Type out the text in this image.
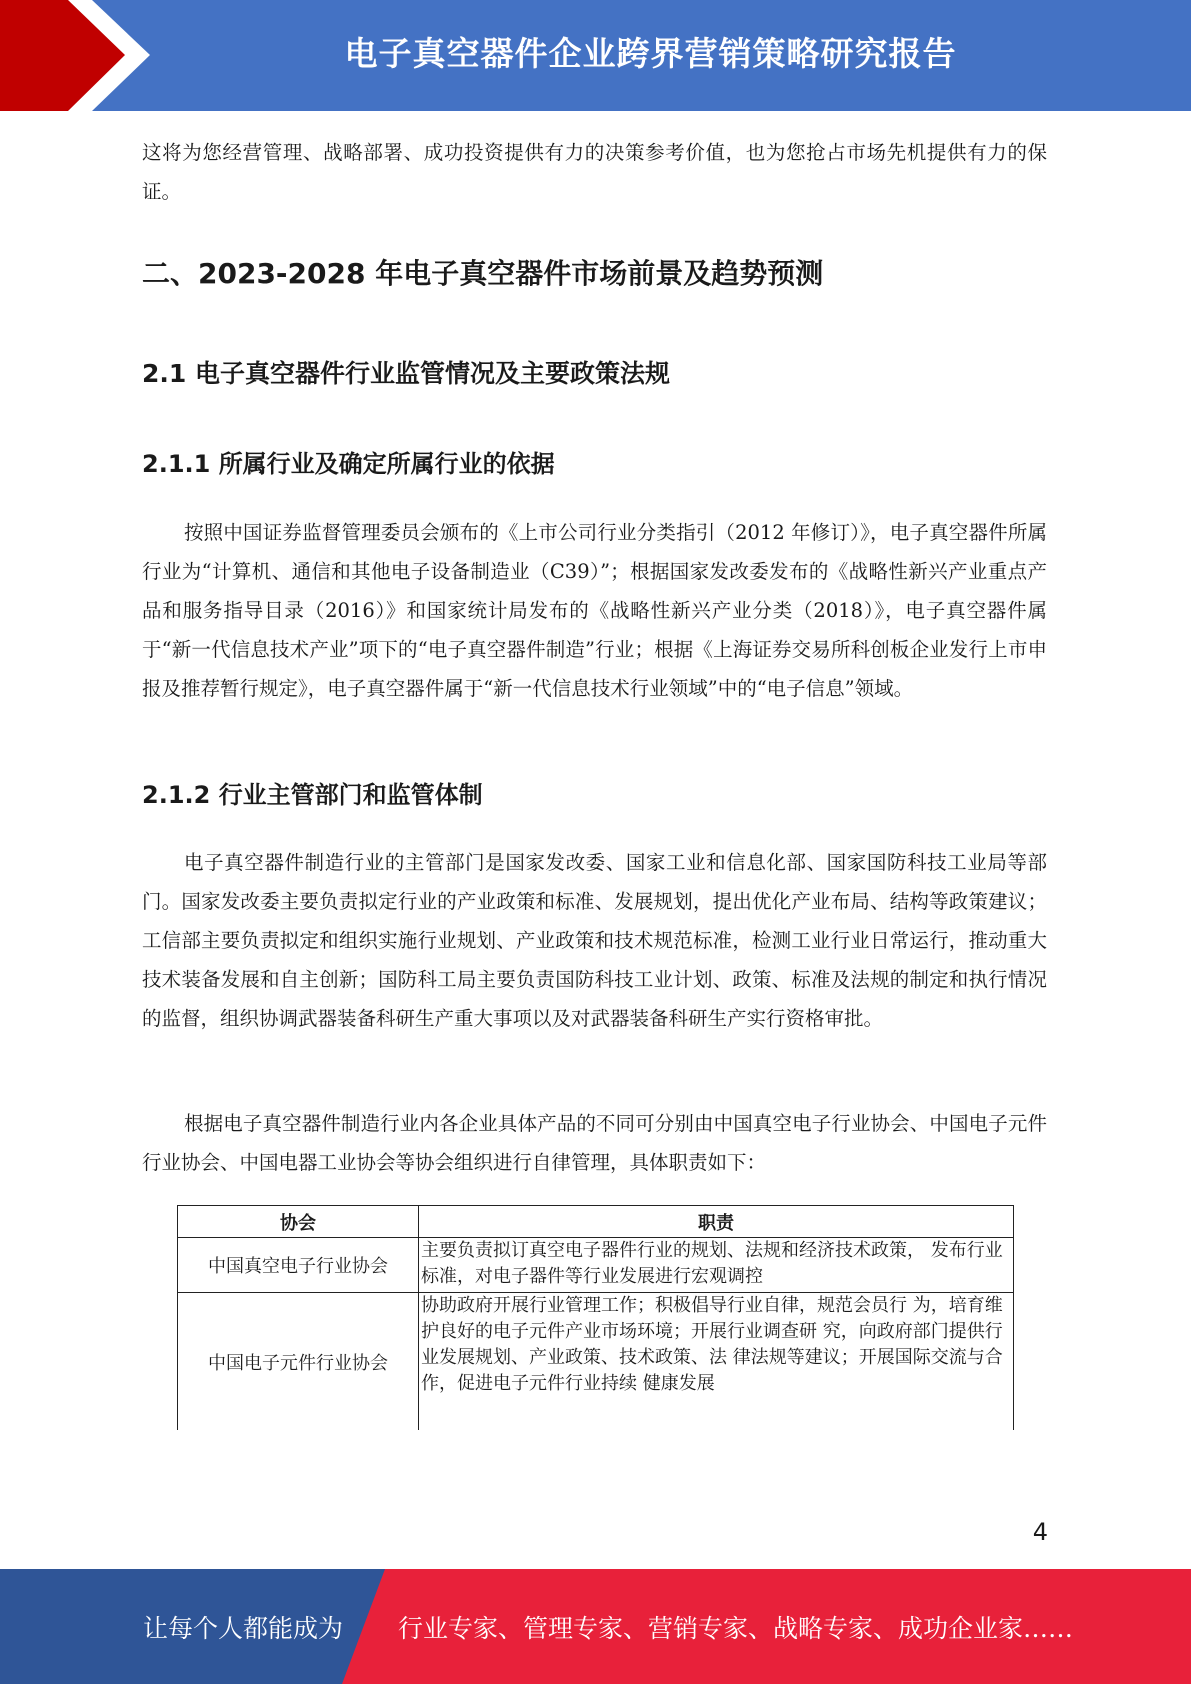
电子真空器件企业跨界营销策略研究报告

这将为您经营管理、战略部署、成功投资提供有力的决策参考价值，也为您抢占市场先机提供有力的保证。

二、2023-2028 年电子真空器件市场前景及趋势预测
2.1 电子真空器件行业监管情况及主要政策法规
2.1.1 所属行业及确定所属行业的依据

按照中国证券监督管理委员会颁布的《上市公司行业分类指引（2012 年修订）》，电子真空器件所属行业为“计算机、通信和其他电子设备制造业（C39）”；根据国家发改委发布的《战略性新兴产业重点产品和服务指导目录（2016）》和国家统计局发布的《战略性新兴产业分类（2018）》，电子真空器件属于“新一代信息技术产业”项下的“电子真空器件制造”行业；根据《上海证券交易所科创板企业发行上市申报及推荐暂行规定》，电子真空器件属于“新一代信息技术行业领域”中的“电子信息”领域。

2.1.2 行业主管部门和监管体制

电子真空器件制造行业的主管部门是国家发改委、国家工业和信息化部、国家国防科技工业局等部门。国家发改委主要负责拟定行业的产业政策和标准、发展规划，提出优化产业布局、结构等政策建议；工信部主要负责拟定和组织实施行业规划、产业政策和技术规范标准，检测工业行业日常运行，推动重大技术装备发展和自主创新；国防科工局主要负责国防科技工业计划、政策、标准及法规的制定和执行情况的监督，组织协调武器装备科研生产重大事项以及对武器装备科研生产实行资格审批。

根据电子真空器件制造行业内各企业具体产品的不同可分别由中国真空电子行业协会、中国电子元件行业协会、中国电器工业协会等协会组织进行自律管理，具体职责如下：

协会	职责
中国真空电子行业协会	主要负责拟订真空电子器件行业的规划、法规和经济技术政策， 发布行业标准，对电子器件等行业发展进行宏观调控
中国电子元件行业协会	协助政府开展行业管理工作；积极倡导行业自律，规范会员行 为，培育维护良好的电子元件产业市场环境；开展行业调查研 究，向政府部门提供行业发展规划、产业政策、技术政策、法 律法规等建议；开展国际交流与合作，促进电子元件行业持续 健康发展
4
让每个人都能成为 行业专家、管理专家、营销专家、战略专家、成功企业家……
